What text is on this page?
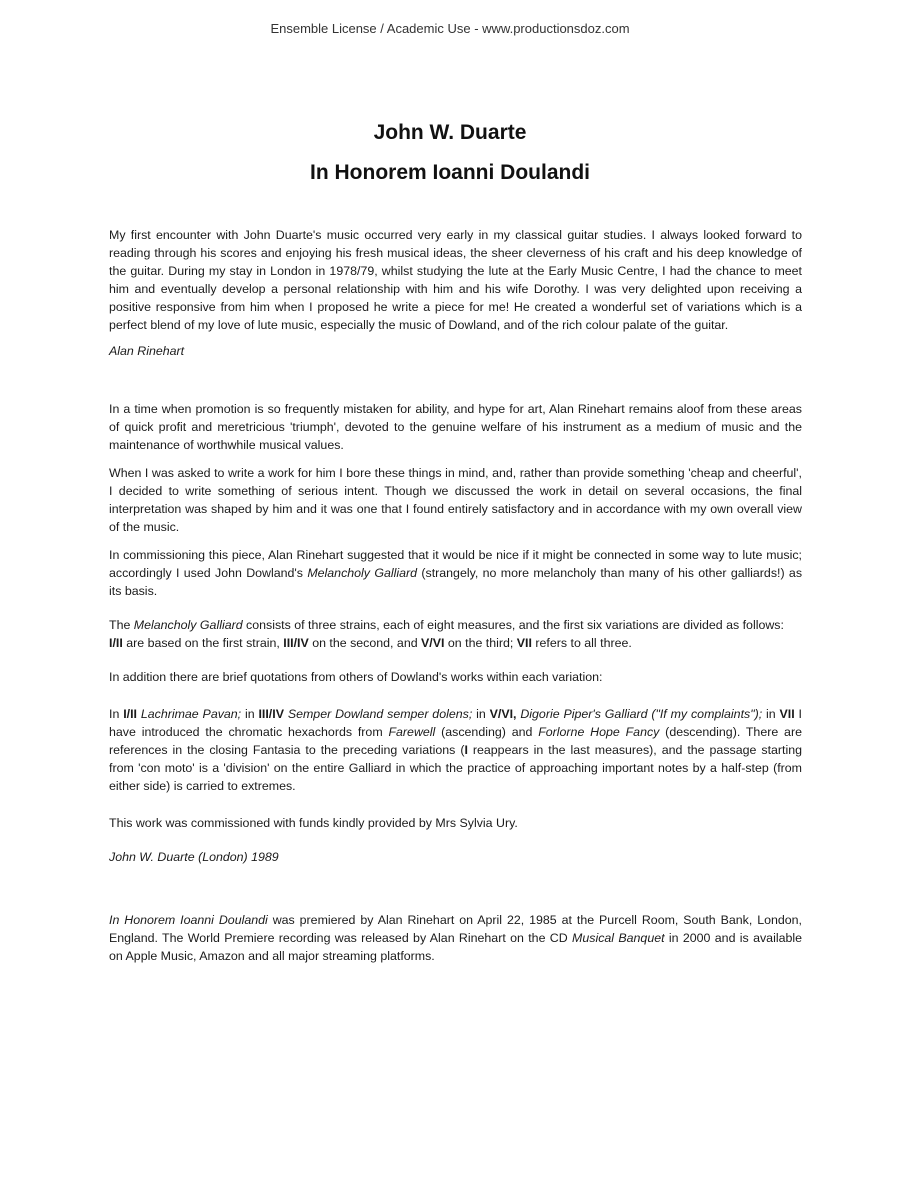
Ensemble License / Academic Use - www.productionsdoz.com
John W. Duarte
In Honorem Ioanni Doulandi

My first encounter with John Duarte's music occurred very early in my classical guitar studies. I always looked forward to reading through his scores and enjoying his fresh musical ideas, the sheer cleverness of his craft and his deep knowledge of the guitar. During my stay in London in 1978/79, whilst studying the lute at the Early Music Centre, I had the chance to meet him and eventually develop a personal relationship with him and his wife Dorothy. I was very delighted upon receiving a positive responsive from him when I proposed he write a piece for me! He created a wonderful set of variations which is a perfect blend of my love of lute music, especially the music of Dowland, and of the rich colour palate of the guitar.

Alan Rinehart

In a time when promotion is so frequently mistaken for ability, and hype for art, Alan Rinehart remains aloof from these areas of quick profit and meretricious 'triumph', devoted to the genuine welfare of his instrument as a medium of music and the maintenance of worthwhile musical values.

When I was asked to write a work for him I bore these things in mind, and, rather than provide something 'cheap and cheerful', I decided to write something of serious intent. Though we discussed the work in detail on several occasions, the final interpretation was shaped by him and it was one that I found entirely satisfactory and in accordance with my own overall view of the music.

In commissioning this piece, Alan Rinehart suggested that it would be nice if it might be connected in some way to lute music; accordingly I used John Dowland's Melancholy Galliard (strangely, no more melancholy than many of his other galliards!) as its basis.

The Melancholy Galliard consists of three strains, each of eight measures, and the first six variations are divided as follows:
I/II are based on the first strain, III/IV on the second, and V/VI on the third; VII refers to all three.

In addition there are brief quotations from others of Dowland's works within each variation:

In I/II Lachrimae Pavan; in III/IV Semper Dowland semper dolens; in V/VI, Digorie Piper's Galliard ("If my complaints"); in VII I have introduced the chromatic hexachords from Farewell (ascending) and Forlorne Hope Fancy (descending). There are references in the closing Fantasia to the preceding variations (I reappears in the last measures), and the passage starting from 'con moto' is a 'division' on the entire Galliard in which the practice of approaching important notes by a half-step (from either side) is carried to extremes.

This work was commissioned with funds kindly provided by Mrs Sylvia Ury.

John W. Duarte (London) 1989

In Honorem Ioanni Doulandi was premiered by Alan Rinehart on April 22, 1985 at the Purcell Room, South Bank, London, England. The World Premiere recording was released by Alan Rinehart on the CD Musical Banquet in 2000 and is available on Apple Music, Amazon and all major streaming platforms.
